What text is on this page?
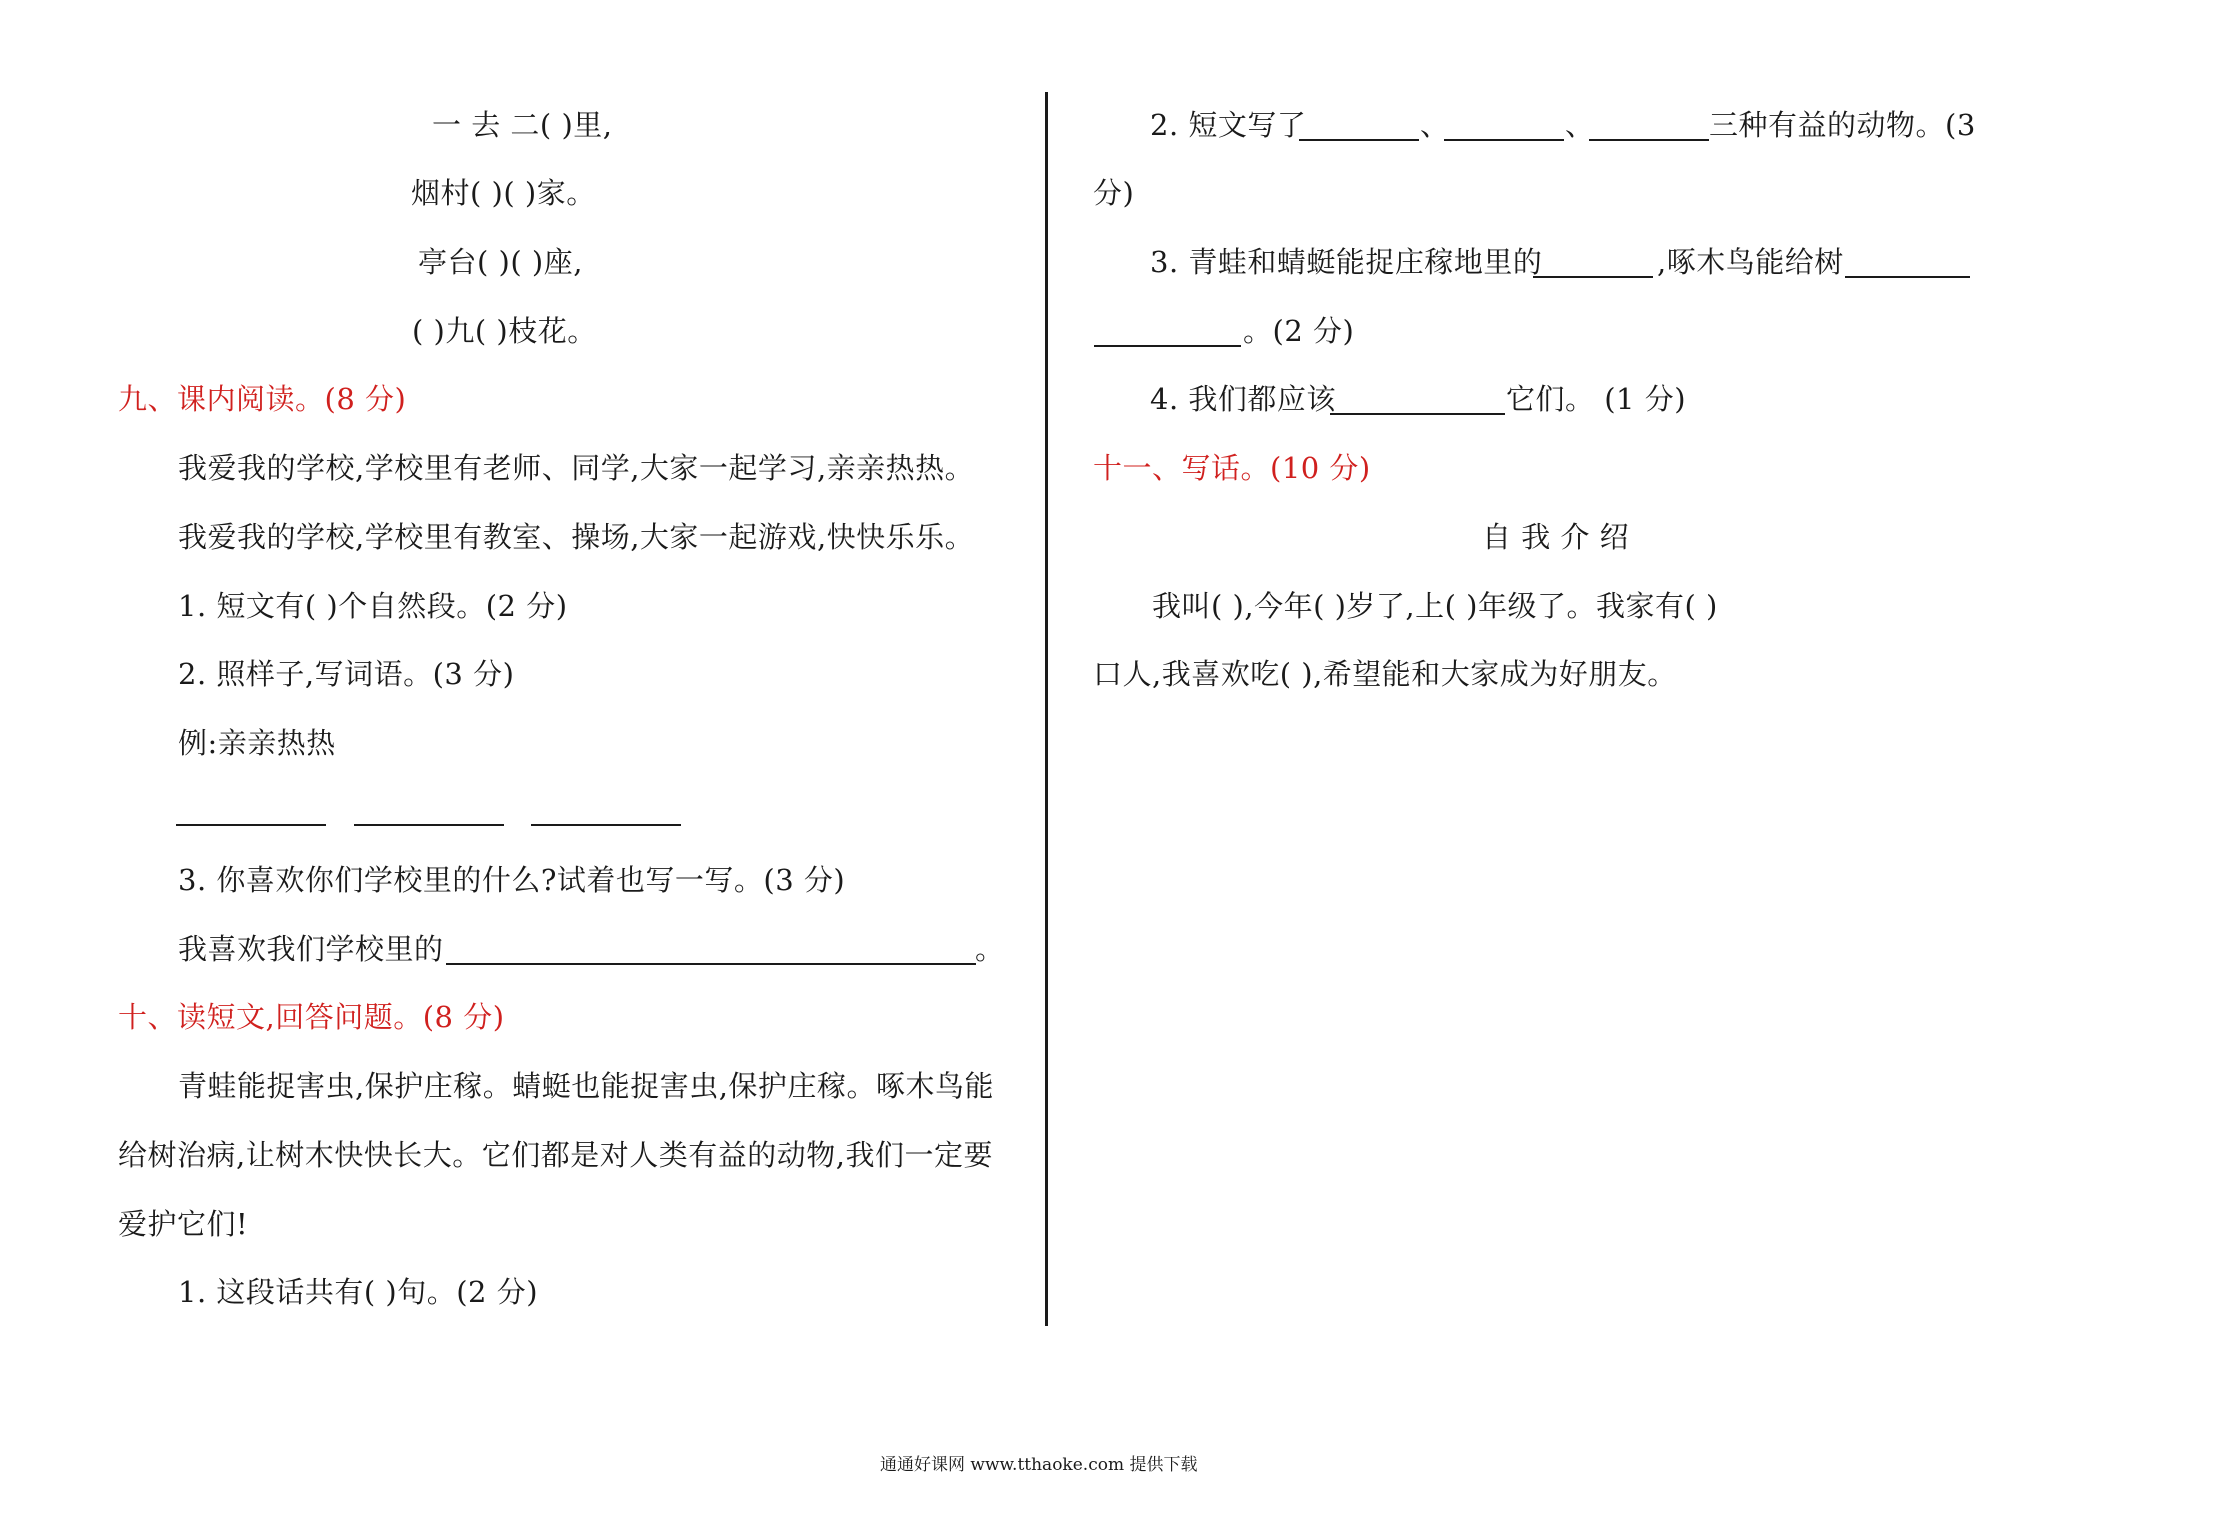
一 去 二( )里,
烟村( )( )家。
亭台( )( )座,
( )九( )枝花。
九、课内阅读。(8 分)
我爱我的学校,学校里有老师、同学,大家一起学习,亲亲热热。
我爱我的学校,学校里有教室、操场,大家一起游戏,快快乐乐。
1. 短文有( )个自然段。(2 分)
2. 照样子,写词语。(3 分)
例:亲亲热热
3. 你喜欢你们学校里的什么?试着也写一写。(3 分)
我喜欢我们学校里的	。
十、读短文,回答问题。(8 分)
青蛙能捉害虫,保护庄稼。蜻蜓也能捉害虫,保护庄稼。啄木鸟能
给树治病,让树木快快长大。它们都是对人类有益的动物,我们一定要
爱护它们!
1. 这段话共有( )句。(2 分)
2. 短文写了	、	、	三种有益的动物。(3
分)
3. 青蛙和蜻蜓能捉庄稼地里的	,啄木鸟能给树
。(2 分)
4. 我们都应该	它们。 (1 分)
十一、写话。(10 分)
自 我 介 绍
我叫( ),今年( )岁了,上( )年级了。我家有( )
口人,我喜欢吃( ),希望能和大家成为好朋友。
通通好课网 www.tthaoke.com 提供下载
